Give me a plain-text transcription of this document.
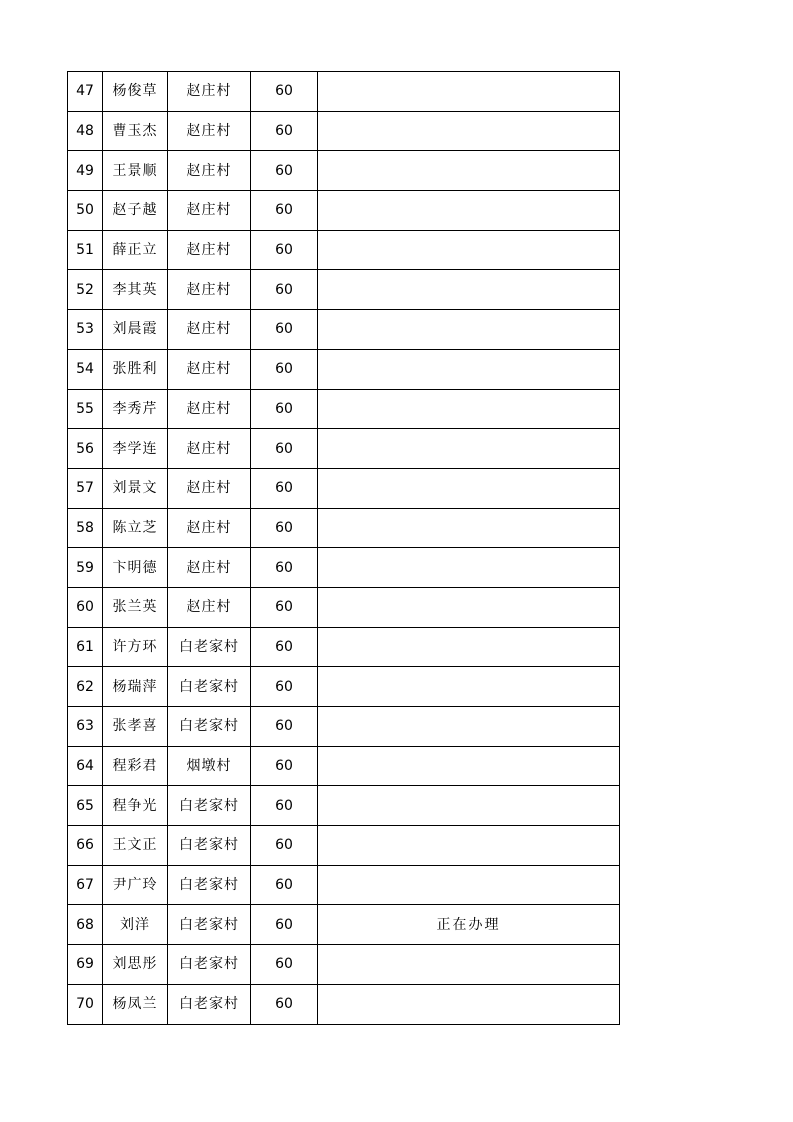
47	杨俊草	赵庄村	60	
48	曹玉杰	赵庄村	60	
49	王景顺	赵庄村	60	
50	赵子越	赵庄村	60	
51	薛正立	赵庄村	60	
52	李其英	赵庄村	60	
53	刘晨霞	赵庄村	60	
54	张胜利	赵庄村	60	
55	李秀芹	赵庄村	60	
56	李学连	赵庄村	60	
57	刘景文	赵庄村	60	
58	陈立芝	赵庄村	60	
59	卞明德	赵庄村	60	
60	张兰英	赵庄村	60	
61	许方环	白老家村	60	
62	杨瑞萍	白老家村	60	
63	张孝喜	白老家村	60	
64	程彩君	烟墩村	60	
65	程争光	白老家村	60	
66	王文正	白老家村	60	
67	尹广玲	白老家村	60	
68	刘洋	白老家村	60	正在办理
69	刘思彤	白老家村	60	
70	杨凤兰	白老家村	60	
